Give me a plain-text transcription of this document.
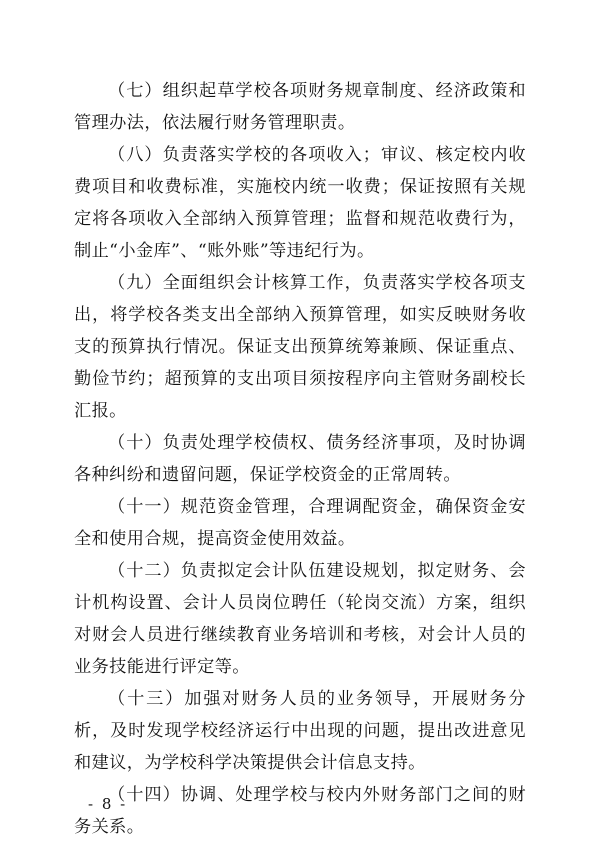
（七）组织起草学校各项财务规章制度、经济政策和管理办法，依法履行财务管理职责。

（八）负责落实学校的各项收入；审议、核定校内收费项目和收费标准，实施校内统一收费；保证按照有关规定将各项收入全部纳入预算管理；监督和规范收费行为，制止“小金库”、“账外账”等违纪行为。

（九）全面组织会计核算工作，负责落实学校各项支出，将学校各类支出全部纳入预算管理，如实反映财务收支的预算执行情况。保证支出预算统筹兼顾、保证重点、勤俭节约；超预算的支出项目须按程序向主管财务副校长汇报。

（十）负责处理学校债权、债务经济事项，及时协调各种纠纷和遗留问题，保证学校资金的正常周转。

（十一）规范资金管理，合理调配资金，确保资金安全和使用合规，提高资金使用效益。

（十二）负责拟定会计队伍建设规划，拟定财务、会计机构设置、会计人员岗位聘任（轮岗交流）方案，组织对财会人员进行继续教育业务培训和考核，对会计人员的业务技能进行评定等。

（十三）加强对财务人员的业务领导，开展财务分析，及时发现学校经济运行中出现的问题，提出改进意见和建议，为学校科学决策提供会计信息支持。

（十四）协调、处理学校与校内外财务部门之间的财务关系。

- 8 -
